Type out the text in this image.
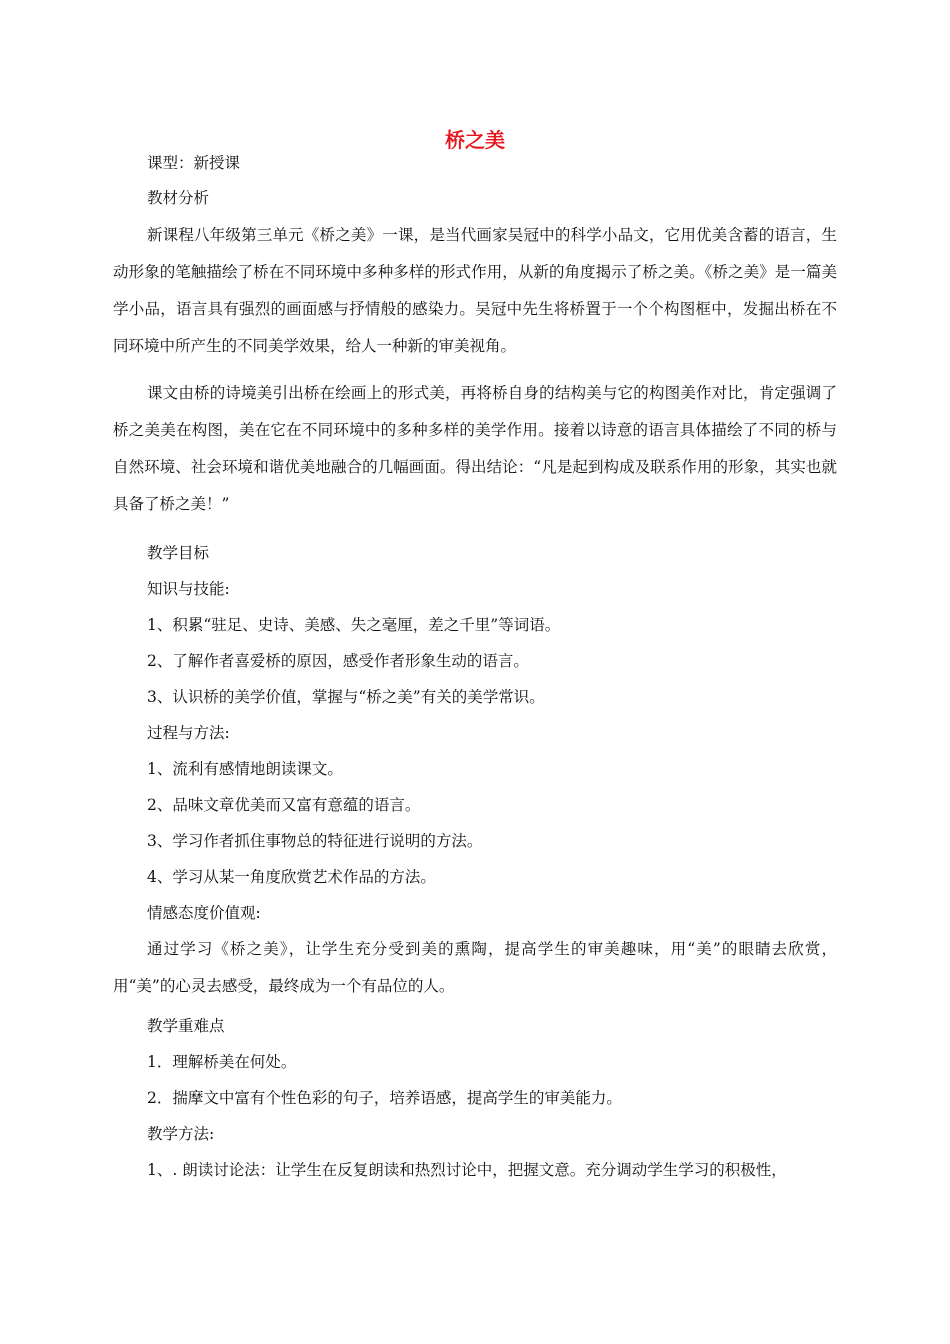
桥之美
课型：新授课
教材分析
新课程八年级第三单元《桥之美》一课，是当代画家吴冠中的科学小品文，它用优美含蓄的语言，生动形象的笔触描绘了桥在不同环境中多种多样的形式作用，从新的角度揭示了桥之美。《桥之美》是一篇美学小品，语言具有强烈的画面感与抒情般的感染力。吴冠中先生将桥置于一个个构图框中，发掘出桥在不同环境中所产生的不同美学效果，给人一种新的审美视角。
课文由桥的诗境美引出桥在绘画上的形式美，再将桥自身的结构美与它的构图美作对比，肯定强调了桥之美美在构图，美在它在不同环境中的多种多样的美学作用。接着以诗意的语言具体描绘了不同的桥与自然环境、社会环境和谐优美地融合的几幅画面。得出结论：“凡是起到构成及联系作用的形象，其实也就具备了桥之美！”
教学目标
知识与技能:
1、积累“驻足、史诗、美感、失之毫厘，差之千里”等词语。
2、了解作者喜爱桥的原因，感受作者形象生动的语言。
3、认识桥的美学价值，掌握与“桥之美”有关的美学常识。
过程与方法:
1、流利有感情地朗读课文。
2、品味文章优美而又富有意蕴的语言。
3、学习作者抓住事物总的特征进行说明的方法。
4、学习从某一角度欣赏艺术作品的方法。
情感态度价值观:
通过学习《桥之美》，让学生充分受到美的熏陶，提高学生的审美趣味，用“美”的眼睛去欣赏，用“美”的心灵去感受，最终成为一个有品位的人。
教学重难点
1．理解桥美在何处。
2．揣摩文中富有个性色彩的句子，培养语感，提高学生的审美能力。
教学方法:
1、. 朗读讨论法：让学生在反复朗读和热烈讨论中，把握文意。充分调动学生学习的积极性，
